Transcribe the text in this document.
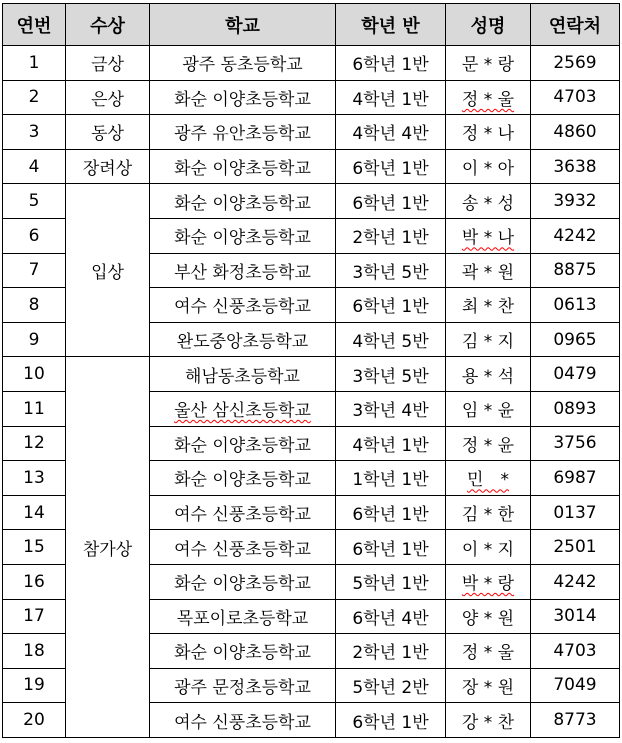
연번	수상	학교	학년 반	성명	연락처
1	금상	광주 동초등학교	6학년 1반	문 * 랑	2569
2	은상	화순 이양초등학교	4학년 1반	정 * 울	4703
3	동상	광주 유안초등학교	4학년 4반	정 * 나	4860
4	장려상	화순 이양초등학교	6학년 1반	이 * 아	3638
5	입상	화순 이양초등학교	6학년 1반	송 * 성	3932
6		화순 이양초등학교	2학년 1반	박 * 나	4242
7		부산 화정초등학교	3학년 5반	곽 * 원	8875
8		여수 신풍초등학교	6학년 1반	최 * 찬	0613
9		완도중앙초등학교	4학년 5반	김 * 지	0965
10	참가상	해남동초등학교	3학년 5반	용 * 석	0479
11		울산 삼신초등학교	3학년 4반	임 * 윤	0893
12		화순 이양초등학교	4학년 1반	정 * 윤	3756
13		화순 이양초등학교	1학년 1반	민　*	6987
14		여수 신풍초등학교	6학년 1반	김 * 한	0137
15		여수 신풍초등학교	6학년 1반	이 * 지	2501
16		화순 이양초등학교	5학년 1반	박 * 랑	4242
17		목포이로초등학교	6학년 4반	양 * 원	3014
18		화순 이양초등학교	2학년 1반	정 * 울	4703
19		광주 문정초등학교	5학년 2반	장 * 원	7049
20		여수 신풍초등학교	6학년 1반	강 * 찬	8773
